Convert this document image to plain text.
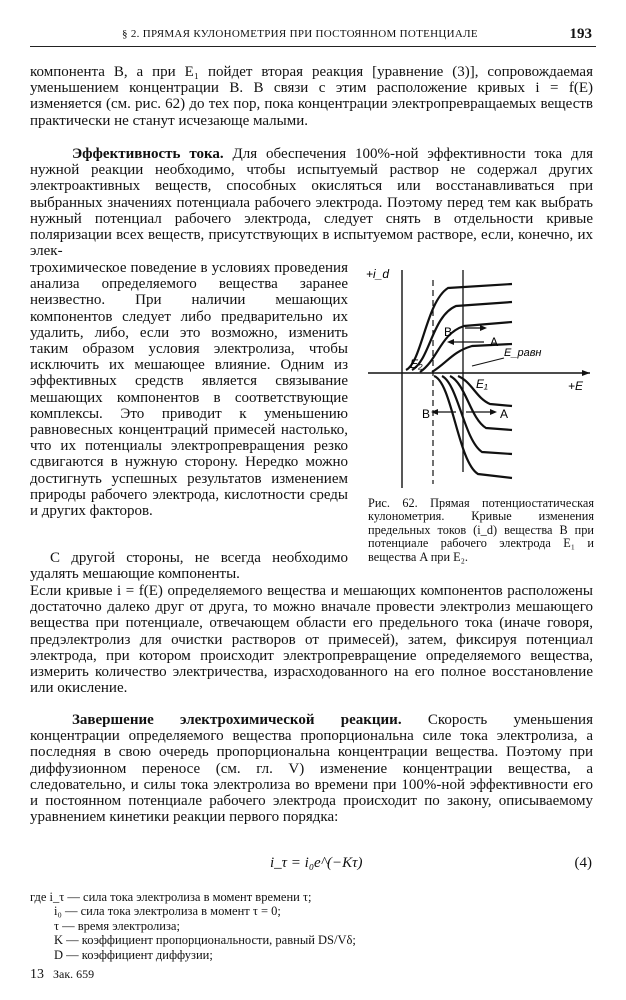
§ 2. ПРЯМАЯ КУЛОНОМЕТРИЯ ПРИ ПОСТОЯННОМ ПОТЕНЦИАЛЕ	193

компонента B, а при E₁ пойдет вторая реакция [уравнение (3)], сопровождаемая уменьшением концентрации B. В связи с этим расположение кривых i = f(E) изменяется (см. рис. 62) до тех пор, пока концентрации электропревращаемых веществ практически не станут исчезающе малыми.

Эффективность тока. Для обеспечения 100%-ной эффективности тока для нужной реакции необходимо, чтобы испытуемый раствор не содержал других электроактивных веществ, способных окисляться или восстанавливаться при выбранных значениях потенциала рабочего электрода. Поэтому перед тем как выбрать нужный потенциал рабочего электрода, следует снять в отдельности кривые поляризации всех веществ, присутствующих в испытуемом растворе, если, конечно, их элек-

трохимическое поведение в условиях проведения анализа определяемого вещества заранее неизвестно. При наличии мешающих компонентов следует либо предварительно их удалить, либо, если это возможно, изменить таким образом условия электролиза, чтобы исключить их мешающее влияние. Одним из эффективных средств является связывание мешающих компонентов в соответствующие комплексы. Это приводит к уменьшению равновесных концентраций примесей настолько, что их потенциалы электропревращения резко сдвигаются в нужную сторону. Нередко можно достигнуть успешных результатов изменением природы рабочего электрода, кислотности среды и других факторов.

+i_d
+E
E₂
E₁
E_равн
B
A
B	A

Рис. 62. Прямая потенциостатическая кулонометрия. Кривые изменения предельных токов (i_d) вещества B при потенциале рабочего электрода E₁ и вещества A при E₂.

С другой стороны, не всегда необходимо удалять мешающие компоненты.

Если кривые i = f(E) определяемого вещества и мешающих компонентов расположены достаточно далеко друг от друга, то можно вначале провести электролиз мешающего вещества при потенциале, отвечающем области его предельного тока (иначе говоря, предэлектролиз для очистки растворов от примесей), затем, фиксируя потенциал электрода, при котором происходит электропревращение определяемого вещества, измерить количество электричества, израсходованного на его полное восстановление или окисление.

Завершение электрохимической реакции. Скорость уменьшения концентрации определяемого вещества пропорциональна силе тока электролиза, а последняя в свою очередь пропорциональна концентрации вещества. Поэтому при диффузионном переносе (см. гл. V) изменение концентрации вещества, а следовательно, и силы тока электролиза во времени при 100%-ной эффективности его и постоянном потенциале рабочего электрода происходит по закону, описываемому уравнением кинетики реакции первого порядка:

i_τ = i₀e^(−Kτ)	(4)
где i_τ — сила тока электролиза в момент времени τ;
i₀ — сила тока электролиза в момент τ = 0;
τ — время электролиза;
K — коэффициент пропорциональности, равный DS/Vδ;
D — коэффициент диффузии;
13 Зак. 659
